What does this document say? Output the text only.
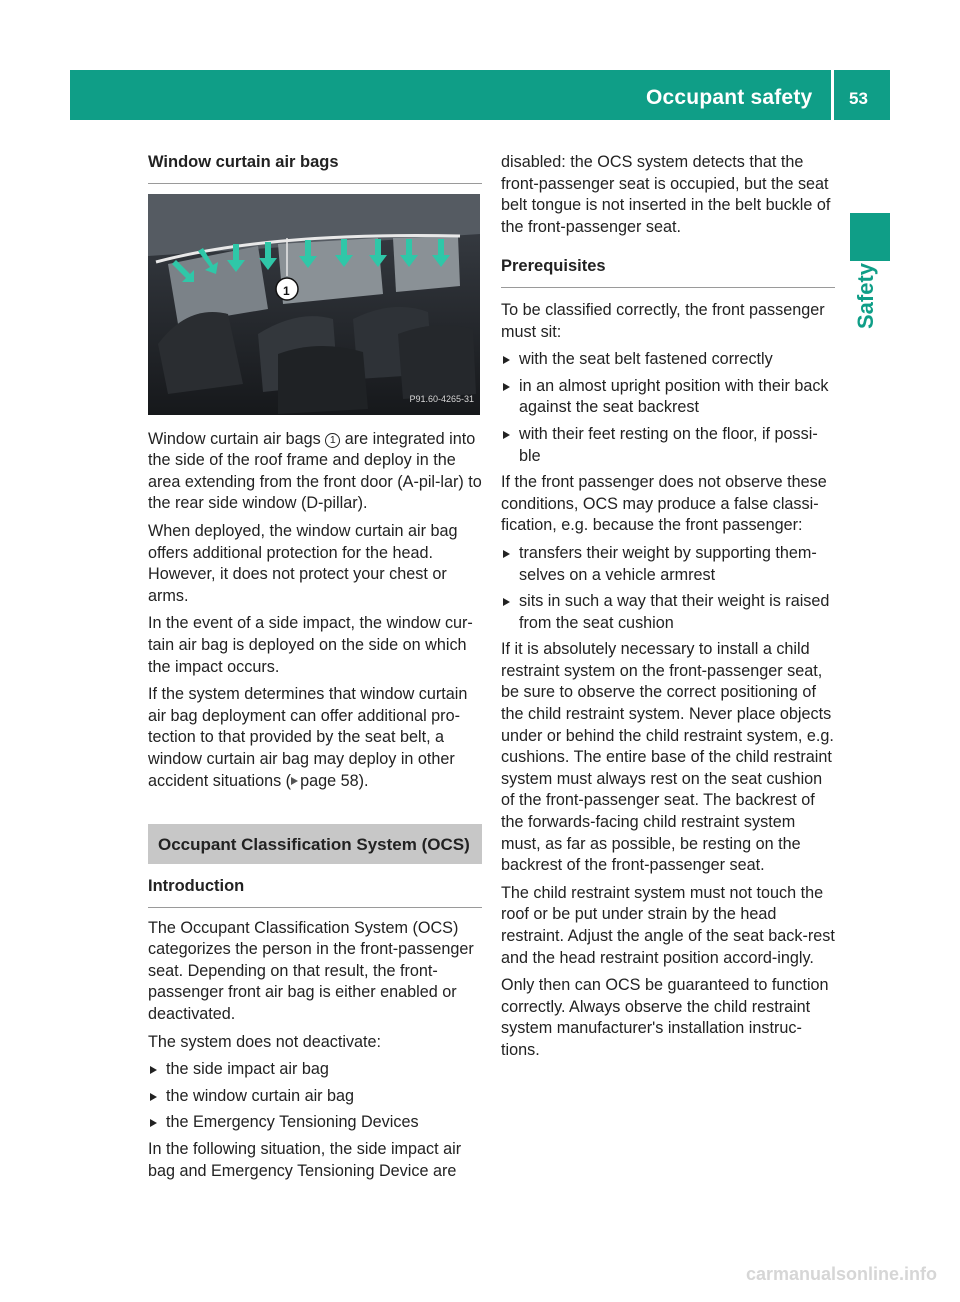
Occupant safety 53
Safety
Window curtain air bags
1
P91.60-4265-31

Window curtain air bags 1 are integrated into the side of the roof frame and deploy in the area extending from the front door (A-pil-lar) to the rear side window (D-pillar).

When deployed, the window curtain air bag offers additional protection for the head. However, it does not protect your chest or arms.

In the event of a side impact, the window cur-tain air bag is deployed on the side on which the impact occurs.

If the system determines that window curtain air bag deployment can offer additional pro-tection to that provided by the seat belt, a window curtain air bag may deploy in other accident situations ( page 58).

Occupant Classification System (OCS)
Introduction

The Occupant Classification System (OCS) categorizes the person in the front-passenger seat. Depending on that result, the front-passenger front air bag is either enabled or deactivated.

The system does not deactivate:

the side impact air bag
the window curtain air bag
the Emergency Tensioning Devices

In the following situation, the side impact air bag and Emergency Tensioning Device are

disabled: the OCS system detects that the front-passenger seat is occupied, but the seat belt tongue is not inserted in the belt buckle of the front-passenger seat.

Prerequisites

To be classified correctly, the front passenger must sit:

with the seat belt fastened correctly
in an almost upright position with their back against the seat backrest
with their feet resting on the floor, if possi-ble

If the front passenger does not observe these conditions, OCS may produce a false classi-fication, e.g. because the front passenger:

transfers their weight by supporting them-selves on a vehicle armrest
sits in such a way that their weight is raised from the seat cushion

If it is absolutely necessary to install a child restraint system on the front-passenger seat, be sure to observe the correct positioning of the child restraint system. Never place objects under or behind the child restraint system, e.g. cushions. The entire base of the child restraint system must always rest on the seat cushion of the front-passenger seat. The backrest of the forwards-facing child restraint system must, as far as possible, be resting on the backrest of the front-passenger seat.

The child restraint system must not touch the roof or be put under strain by the head restraint. Adjust the angle of the seat back-rest and the head restraint position accord-ingly.

Only then can OCS be guaranteed to function correctly. Always observe the child restraint system manufacturer's installation instruc-tions.

carmanualsonline.info
